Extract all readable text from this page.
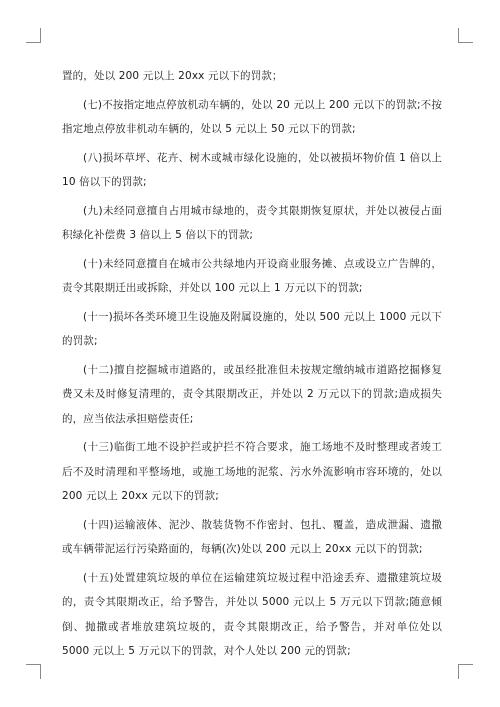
置的，处以 200 元以上 20xx 元以下的罚款；

(七)不按指定地点停放机动车辆的，处以 20 元以上 200 元以下的罚款;不按指定地点停放非机动车辆的，处以 5 元以上 50 元以下的罚款;

(八)损坏草坪、花卉、树木或城市绿化设施的，处以被损坏物价值 1 倍以上 10 倍以下的罚款;

(九)未经同意擅自占用城市绿地的，责令其限期恢复原状，并处以被侵占面积绿化补偿费 3 倍以上 5 倍以下的罚款;

(十)未经同意擅自在城市公共绿地内开设商业服务摊、点或设立广告牌的，责令其限期迁出或拆除，并处以 100 元以上 1 万元以下的罚款;

(十一)损坏各类环境卫生设施及附属设施的，处以 500 元以上 1000 元以下的罚款;

(十二)擅自挖掘城市道路的，或虽经批准但未按规定缴纳城市道路挖掘修复费又未及时修复清理的，责令其限期改正，并处以 2 万元以下的罚款;造成损失的，应当依法承担赔偿责任;

(十三)临街工地不设护拦或护拦不符合要求，施工场地不及时整理或者竣工后不及时清理和平整场地，或施工场地的泥浆、污水外流影响市容环境的，处以 200 元以上 20xx 元以下的罚款;

(十四)运输液体、泥沙、散装货物不作密封、包扎、覆盖，造成泄漏、遗撒或车辆带泥运行污染路面的，每辆(次)处以 200 元以上 20xx 元以下的罚款;

(十五)处置建筑垃圾的单位在运输建筑垃圾过程中沿途丢弃、遗撒建筑垃圾的，责令其限期改正，给予警告，并处以 5000 元以上 5 万元以下罚款;随意倾倒、抛撒或者堆放建筑垃圾的，责令其限期改正，给予警告，并对单位处以 5000 元以上 5 万元以下的罚款，对个人处以 200 元的罚款;
